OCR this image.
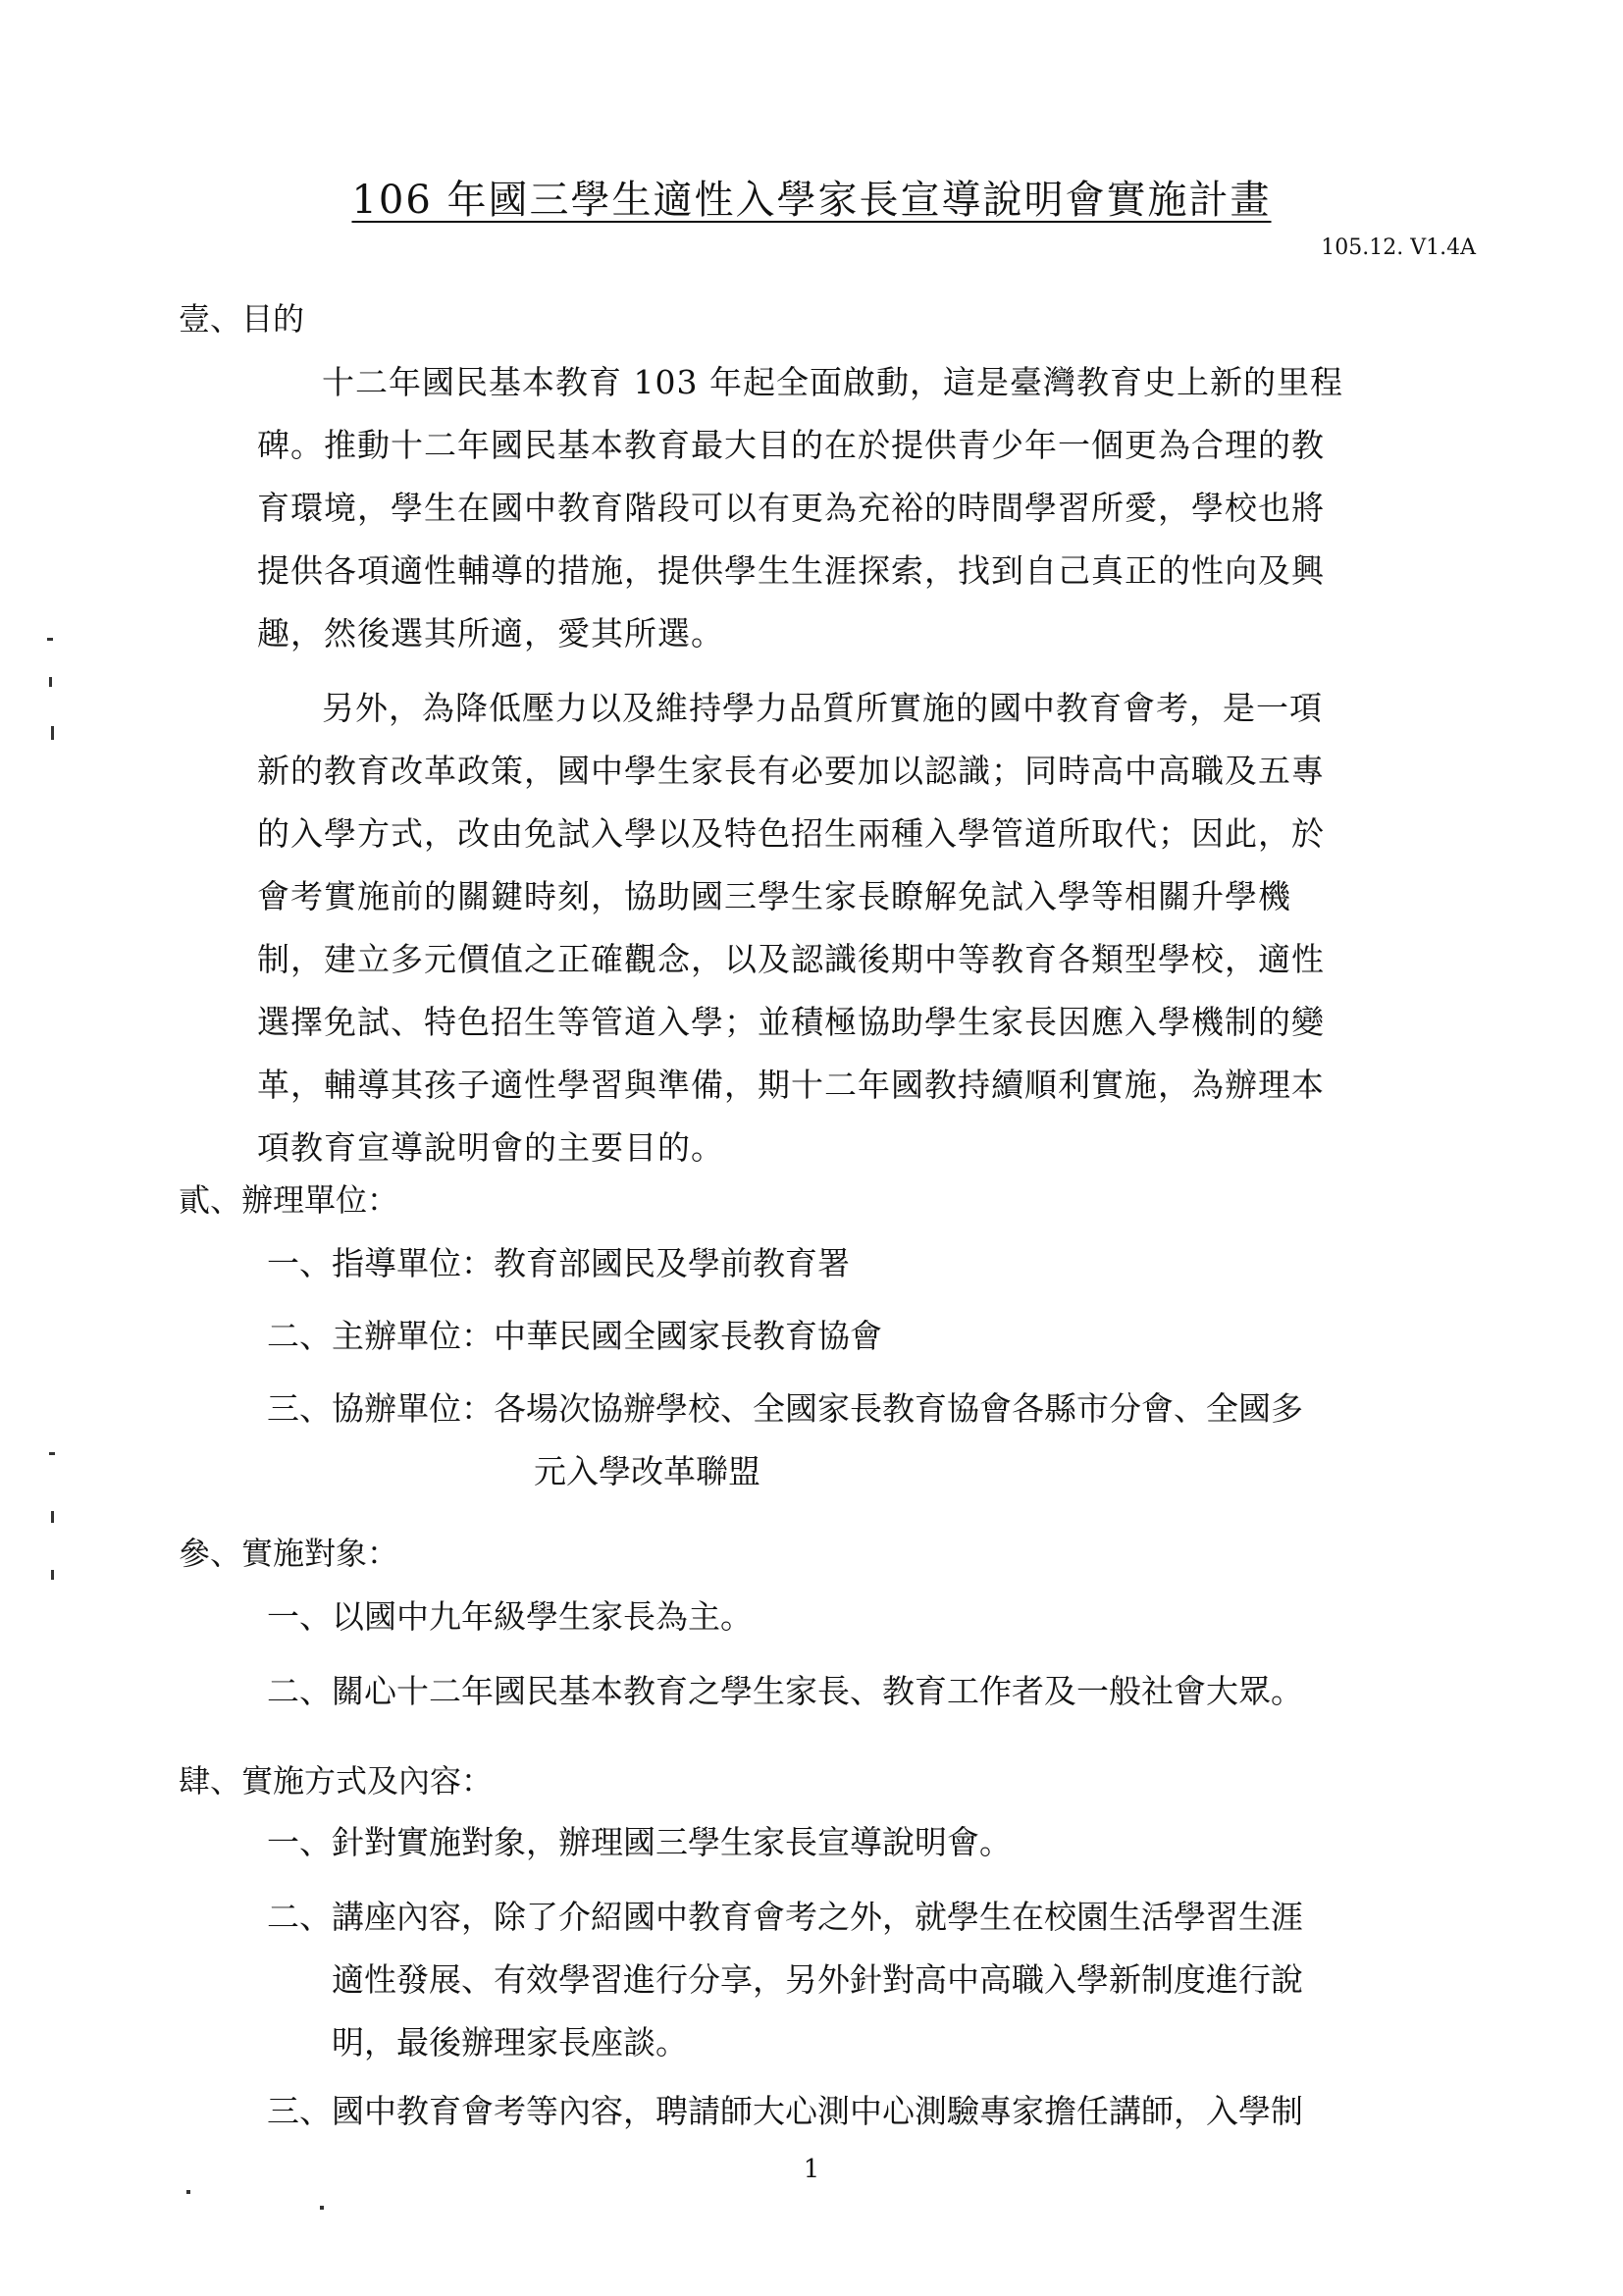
106 年國三學生適性入學家長宣導說明會實施計畫
105.12. V1.4A
壹、目的
十二年國民基本教育 103 年起全面啟動，這是臺灣教育史上新的里程
碑。推動十二年國民基本教育最大目的在於提供青少年一個更為合理的教
育環境，學生在國中教育階段可以有更為充裕的時間學習所愛，學校也將
提供各項適性輔導的措施，提供學生生涯探索，找到自己真正的性向及興
趣，然後選其所適，愛其所選。
另外，為降低壓力以及維持學力品質所實施的國中教育會考，是一項
新的教育改革政策，國中學生家長有必要加以認識；同時高中高職及五專
的入學方式，改由免試入學以及特色招生兩種入學管道所取代；因此，於
會考實施前的關鍵時刻，協助國三學生家長瞭解免試入學等相關升學機
制，建立多元價值之正確觀念，以及認識後期中等教育各類型學校，適性
選擇免試、特色招生等管道入學；並積極協助學生家長因應入學機制的變
革，輔導其孩子適性學習與準備，期十二年國教持續順利實施，為辦理本
項教育宣導說明會的主要目的。
貳、辦理單位：
一、指導單位：教育部國民及學前教育署
二、主辦單位：中華民國全國家長教育協會
三、協辦單位：各場次協辦學校、全國家長教育協會各縣市分會、全國多
元入學改革聯盟
參、實施對象：
一、以國中九年級學生家長為主。
二、關心十二年國民基本教育之學生家長、教育工作者及一般社會大眾。
肆、實施方式及內容：
一、針對實施對象，辦理國三學生家長宣導說明會。
二、講座內容，除了介紹國中教育會考之外，就學生在校園生活學習生涯
適性發展、有效學習進行分享，另外針對高中高職入學新制度進行說
明，最後辦理家長座談。
三、國中教育會考等內容，聘請師大心測中心測驗專家擔任講師，入學制
1
